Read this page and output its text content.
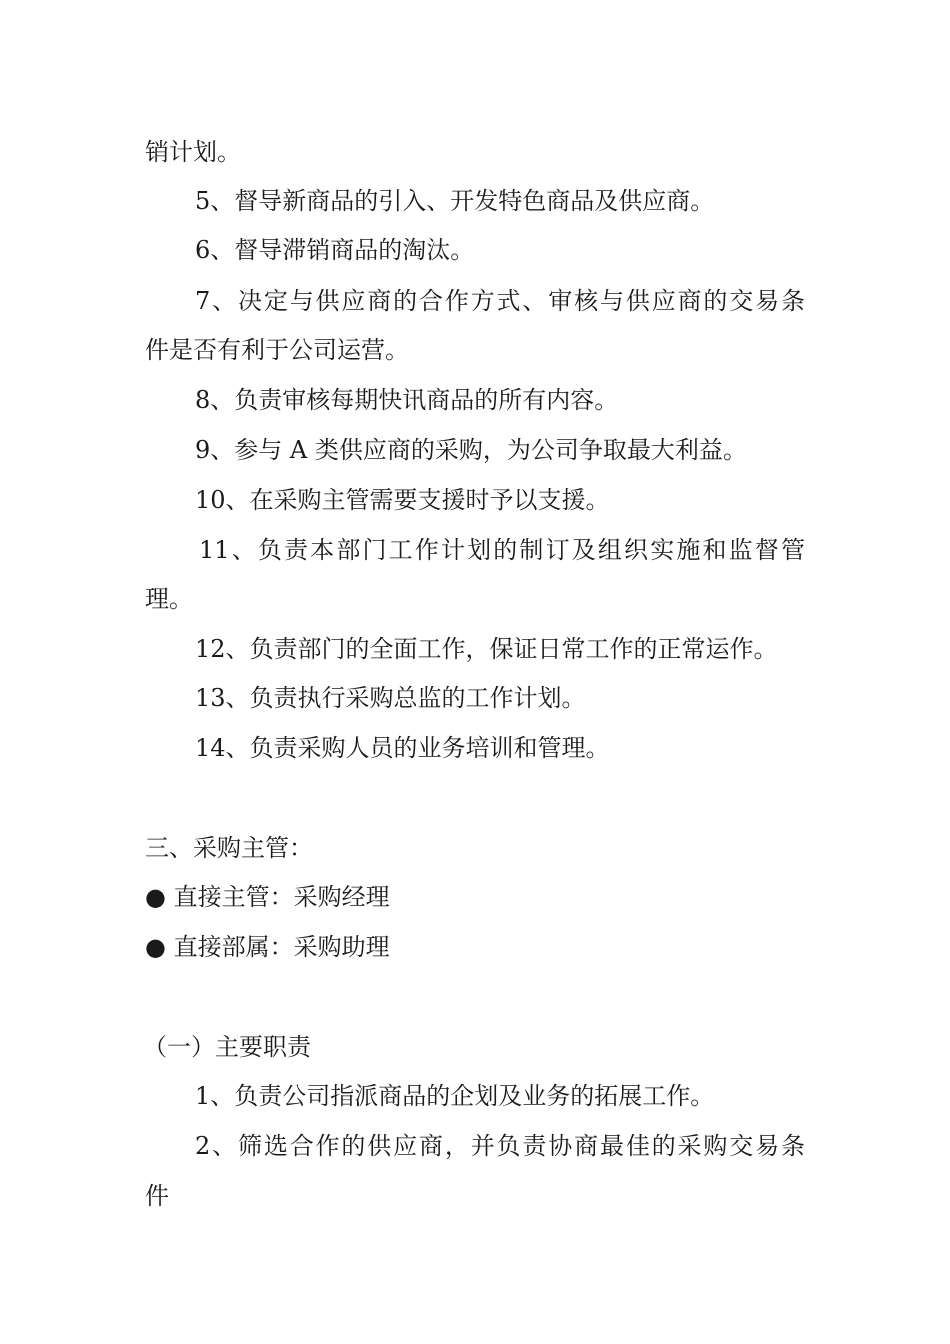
销计划。
5、督导新商品的引入、开发特色商品及供应商。
6、督导滞销商品的淘汰。
7、决定与供应商的合作方式、审核与供应商的交易条
件是否有利于公司运营。
8、负责审核每期快讯商品的所有内容。
9、参与 A 类供应商的采购，为公司争取最大利益。
10、在采购主管需要支援时予以支援。
11、负责本部门工作计划的制订及组织实施和监督管
理。
12、负责部门的全面工作，保证日常工作的正常运作。
13、负责执行采购总监的工作计划。
14、负责采购人员的业务培训和管理。
三、采购主管：
● 直接主管：采购经理
● 直接部属：采购助理
（一）主要职责
1、负责公司指派商品的企划及业务的拓展工作。
2、筛选合作的供应商，并负责协商最佳的采购交易条
件
